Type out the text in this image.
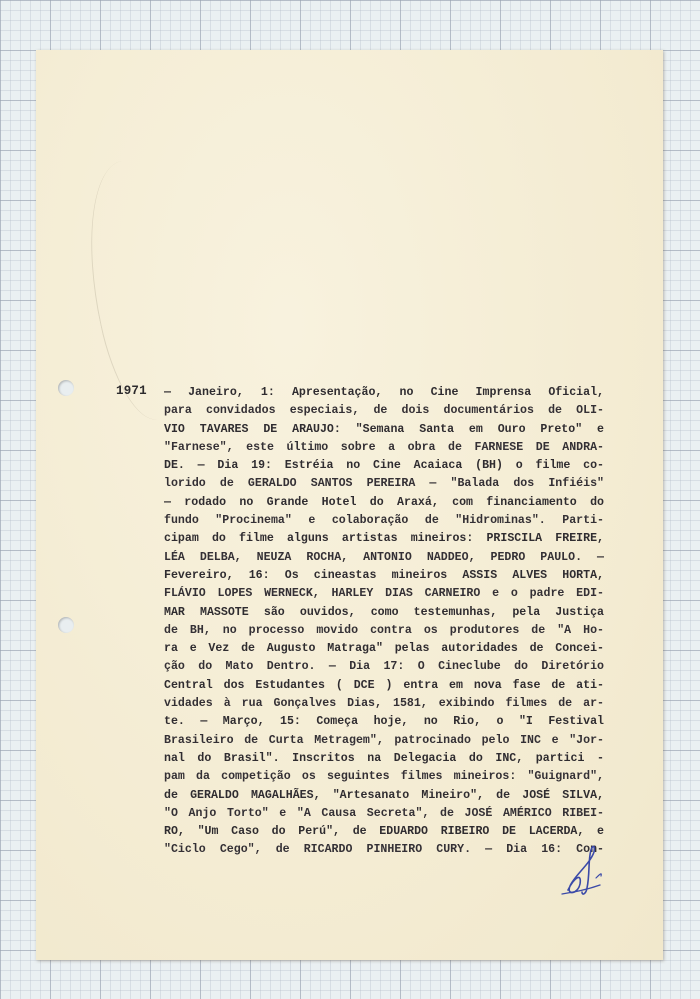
1971 — Janeiro, 1: Apresentação, no Cine Imprensa Oficial,
para convidados especiais, de dois documentários de OLI-
VIO TAVARES DE ARAUJO: "Semana Santa em Ouro Preto" e
"Farnese", este último sobre a obra de FARNESE DE ANDRA-
DE. — Dia 19: Estréia no Cine Acaiaca (BH) o filme co-
lorido de GERALDO SANTOS PEREIRA — "Balada dos Infiéis"
— rodado no Grande Hotel do Araxá, com financiamento do
fundo "Procinema" e colaboração de "Hidrominas". Parti-
cipam do filme alguns artistas mineiros: PRISCILA FREIRE,
LÉA DELBA, NEUZA ROCHA, ANTONIO NADDEO, PEDRO PAULO. —
Fevereiro, 16: Os cineastas mineiros ASSIS ALVES HORTA,
FLÁVIO LOPES WERNECK, HARLEY DIAS CARNEIRO e o padre EDI-
MAR MASSOTE são ouvidos, como testemunhas, pela Justiça
de BH, no processo movido contra os produtores de "A Ho-
ra e Vez de Augusto Matraga" pelas autoridades de Concei-
ção do Mato Dentro. — Dia 17: O Cineclube do Diretório
Central dos Estudantes ( DCE ) entra em nova fase de ati-
vidades à rua Gonçalves Dias, 1581, exibindo filmes de ar-
te. — Março, 15: Começa hoje, no Rio, o "I Festival
Brasileiro de Curta Metragem", patrocinado pelo INC e "Jor-
nal do Brasil". Inscritos na Delegacia do INC, partici -
pam da competição os seguintes filmes mineiros: "Guignard",
de GERALDO MAGALHÃES, "Artesanato Mineiro", de JOSÉ SILVA,
"O Anjo Torto" e "A Causa Secreta", de JOSÉ AMÉRICO RIBEI-
RO, "Um Caso do Perú", de EDUARDO RIBEIRO DE LACERDA, e
"Ciclo Cego", de RICARDO PINHEIRO CURY. — Dia 16: Con-
